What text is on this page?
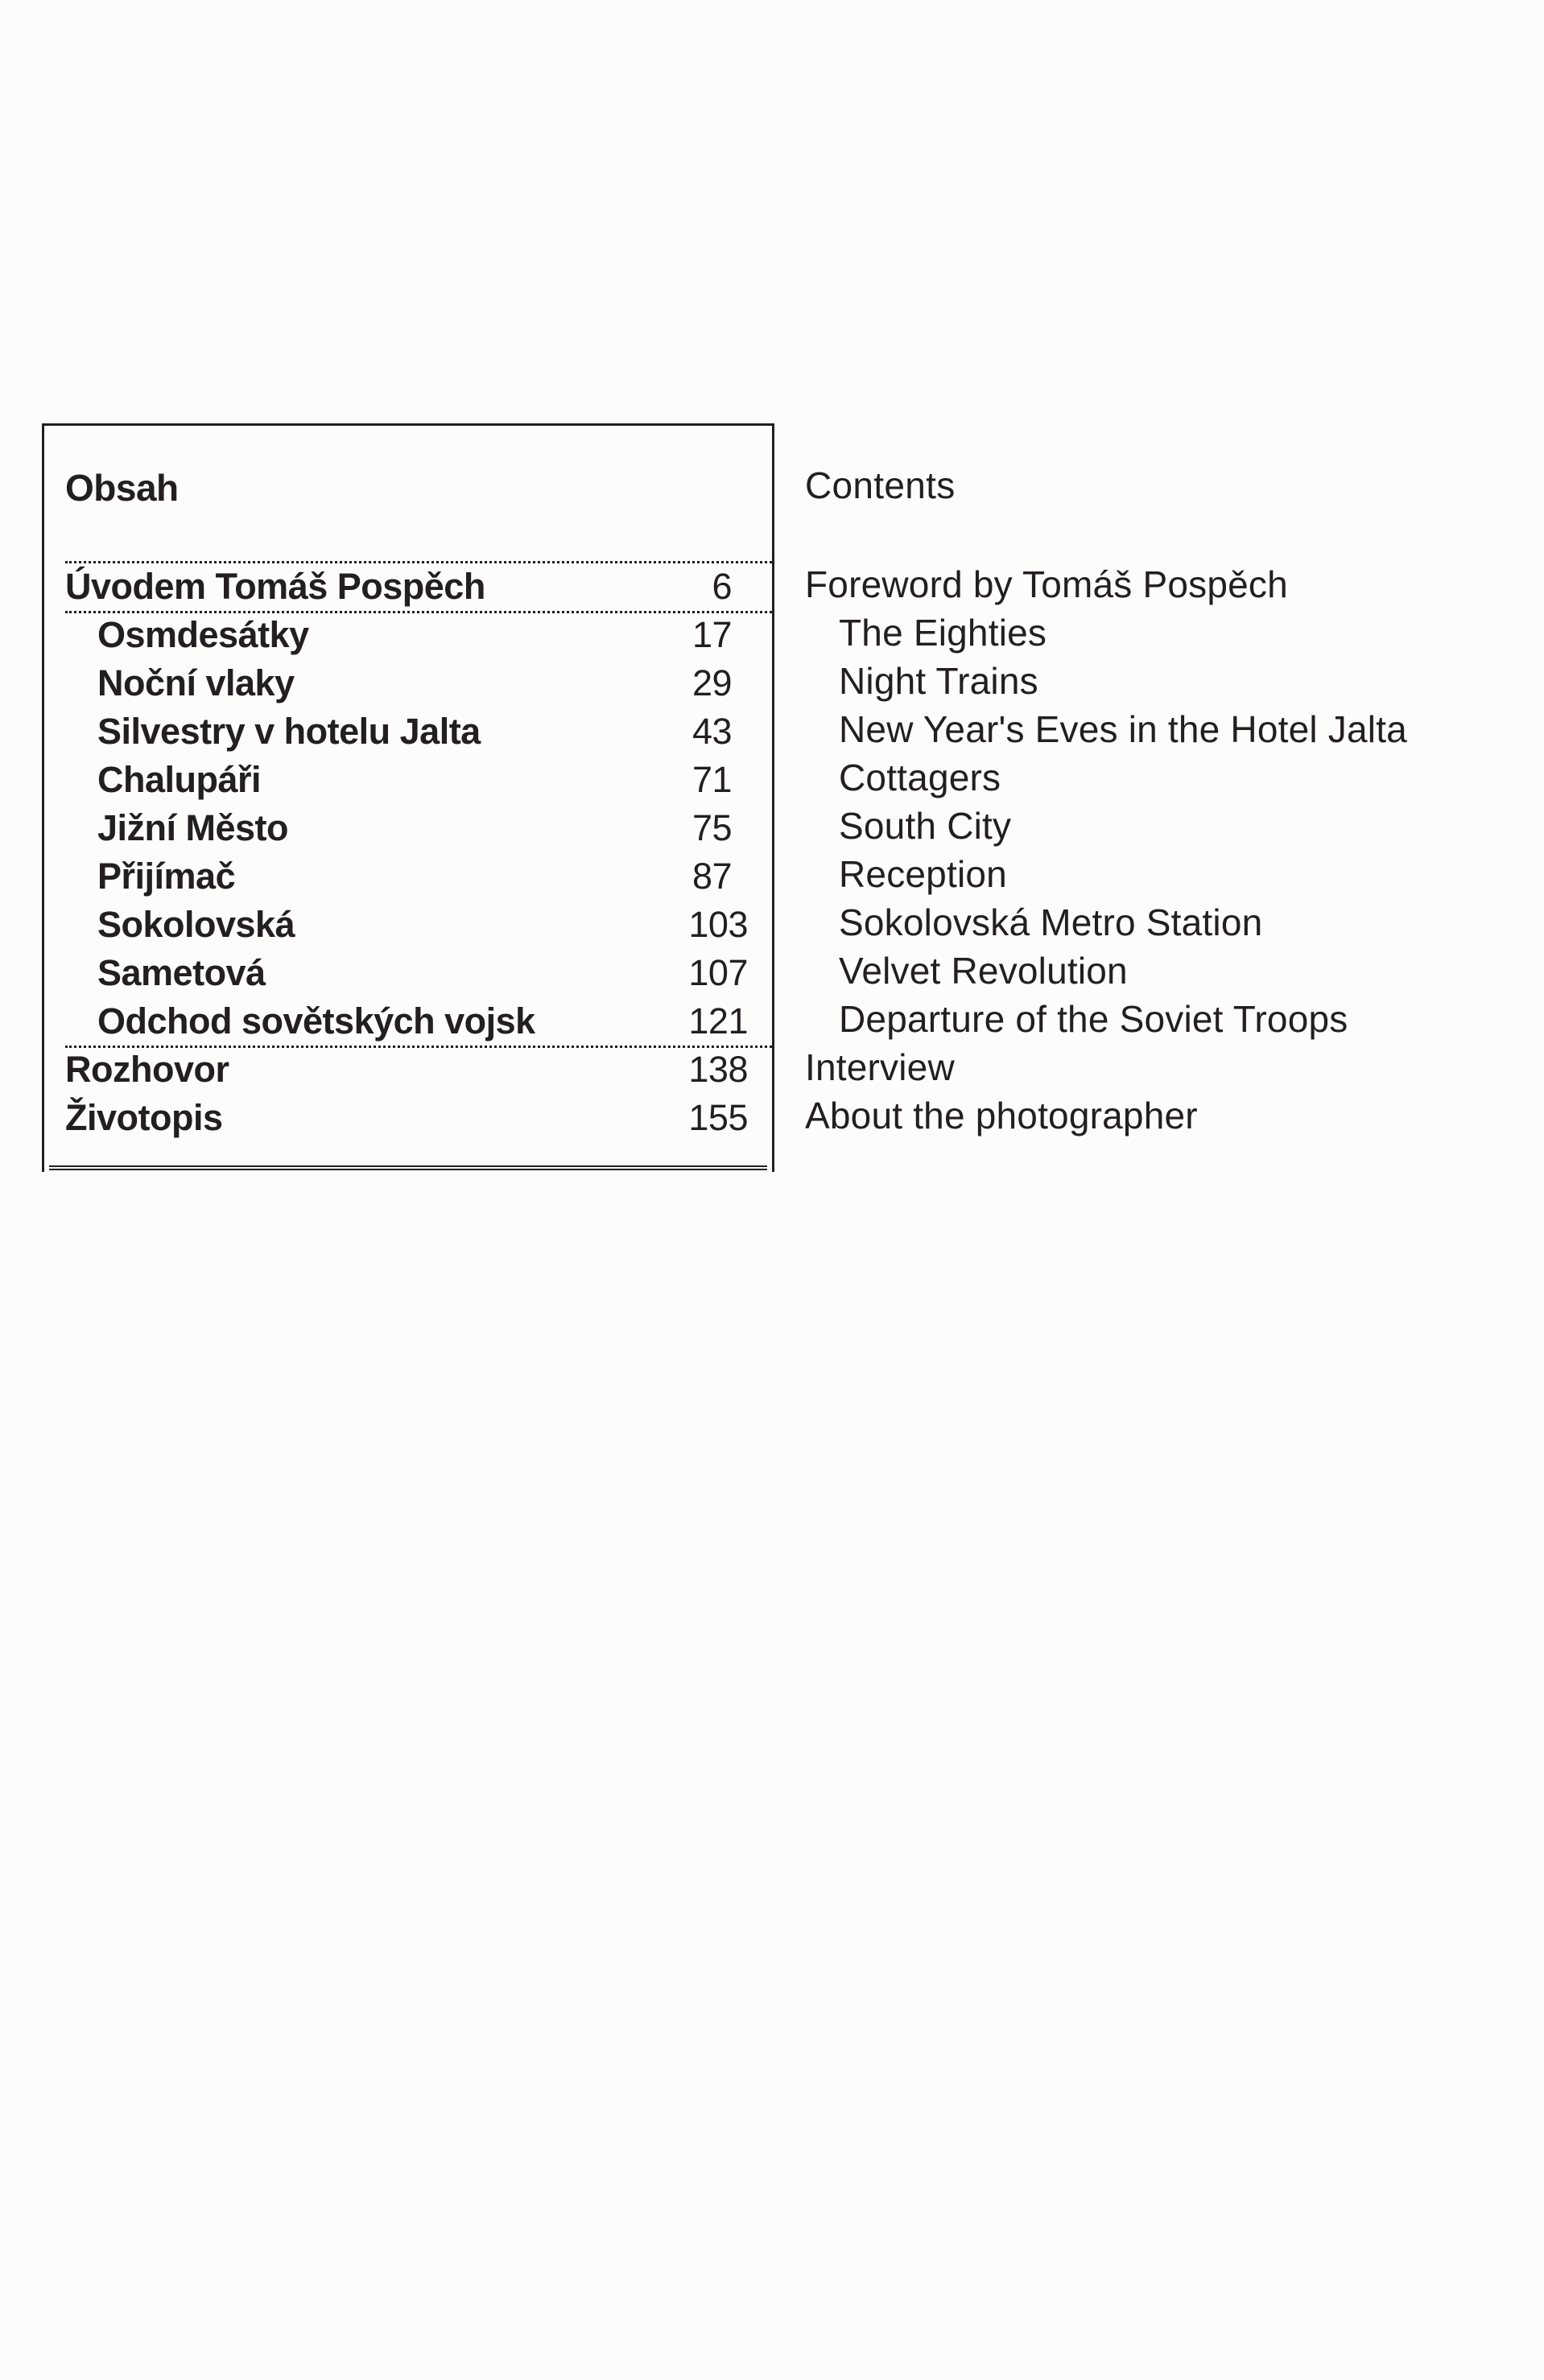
Obsah
Úvodem Tomáš Pospěch	6
Osmdesátky	17
Noční vlaky	29
Silvestry v hotelu Jalta	43
Chalupáři	71
Jižní Město	75
Přijímač	87
Sokolovská	103
Sametová	107
Odchod sovětských vojsk	121
Rozhovor	138
Životopis	155
Contents
Foreword by Tomáš Pospěch
The Eighties
Night Trains
New Year's Eves in the Hotel Jalta
Cottagers
South City
Reception
Sokolovská Metro Station
Velvet Revolution
Departure of the Soviet Troops
Interview
About the photographer
